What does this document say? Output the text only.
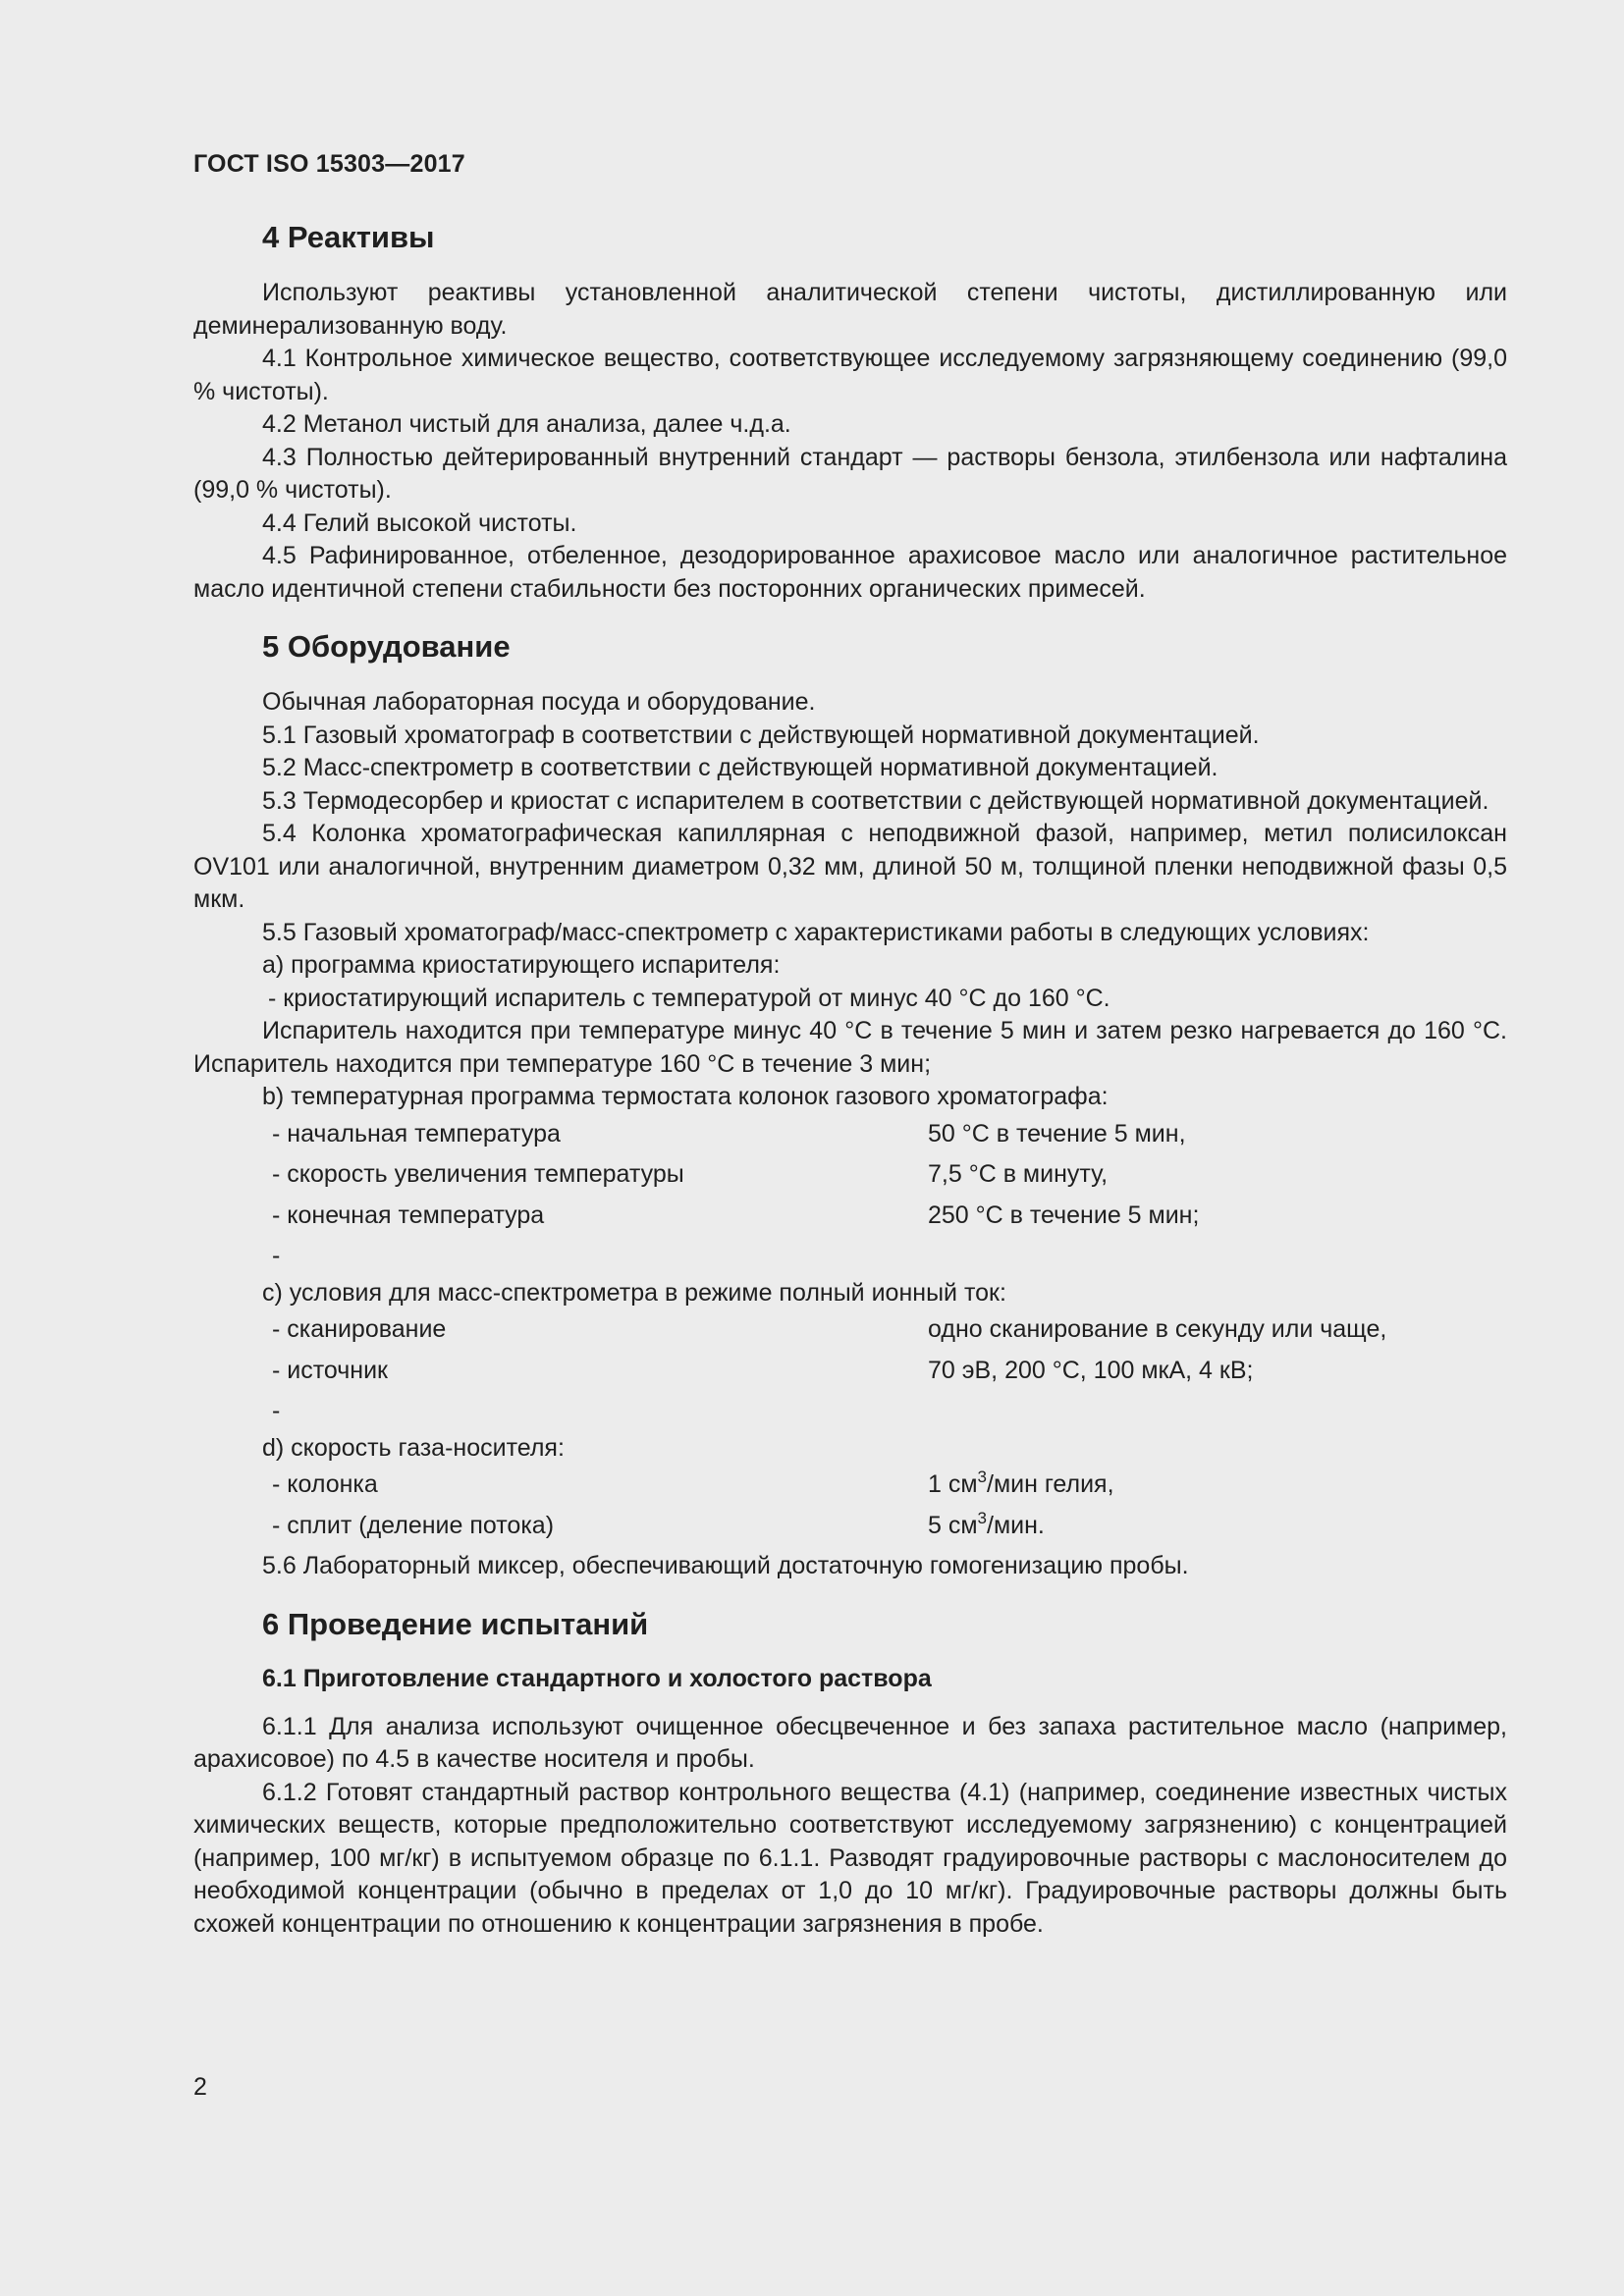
ГОСТ ISO 15303—2017
4 Реактивы

Используют реактивы установленной аналитической степени чистоты, дистиллированную или деминерализованную воду.

4.1 Контрольное химическое вещество, соответствующее исследуемому загрязняющему соединению (99,0 % чистоты).

4.2 Метанол чистый для анализа, далее ч.д.а.

4.3 Полностью дейтерированный внутренний стандарт — растворы бензола, этилбензола или нафталина (99,0 % чистоты).

4.4 Гелий высокой чистоты.

4.5 Рафинированное, отбеленное, дезодорированное арахисовое масло или аналогичное растительное масло идентичной степени стабильности без посторонних органических примесей.

5 Оборудование

Обычная лабораторная посуда и оборудование.

5.1 Газовый хроматограф в соответствии с действующей нормативной документацией.

5.2 Масс-спектрометр в соответствии с действующей нормативной документацией.

5.3 Термодесорбер и криостат с испарителем в соответствии с действующей нормативной документацией.

5.4 Колонка хроматографическая капиллярная с неподвижной фазой, например, метил полисилоксан OV101 или аналогичной, внутренним диаметром 0,32 мм, длиной 50 м, толщиной пленки неподвижной фазы 0,5 мкм.

5.5 Газовый хроматограф/масс-спектрометр с характеристиками работы в следующих условиях:

a) программа криостатирующего испарителя:
- криостатирующий испаритель с температурой от минус 40 °С до 160 °С.

Испаритель находится при температуре минус 40 °С в течение 5 мин и затем резко нагревается до 160 °С. Испаритель находится при температуре 160 °С в течение 3 мин;

b) температурная программа термостата колонок газового хроматографа:
- начальная температура	50 °С в течение 5 мин,
- скорость увеличения температуры	7,5 °С в минуту,
- конечная температура	250 °С в течение 5 мин;
-
c) условия для масс-спектрометра в режиме полный ионный ток:
- сканирование	одно сканирование в секунду или чаще,
- источник	70 эВ, 200 °С, 100 мкА, 4 кВ;
-
d) скорость газа-носителя:
- колонка	1 $см^3$/мин гелия,
- сплит (деление потока)	5 $см^3$/мин.

5.6 Лабораторный миксер, обеспечивающий достаточную гомогенизацию пробы.

6 Проведение испытаний
6.1 Приготовление стандартного и холостого раствора

6.1.1 Для анализа используют очищенное обесцвеченное и без запаха растительное масло (например, арахисовое) по 4.5 в качестве носителя и пробы.

6.1.2 Готовят стандартный раствор контрольного вещества (4.1) (например, соединение известных чистых химических веществ, которые предположительно соответствуют исследуемому загрязнению) с концентрацией (например, 100 мг/кг) в испытуемом образце по 6.1.1. Разводят градуировочные растворы с маслоносителем до необходимой концентрации (обычно в пределах от 1,0 до 10 мг/кг). Градуировочные растворы должны быть схожей концентрации по отношению к концентрации загрязнения в пробе.

2
